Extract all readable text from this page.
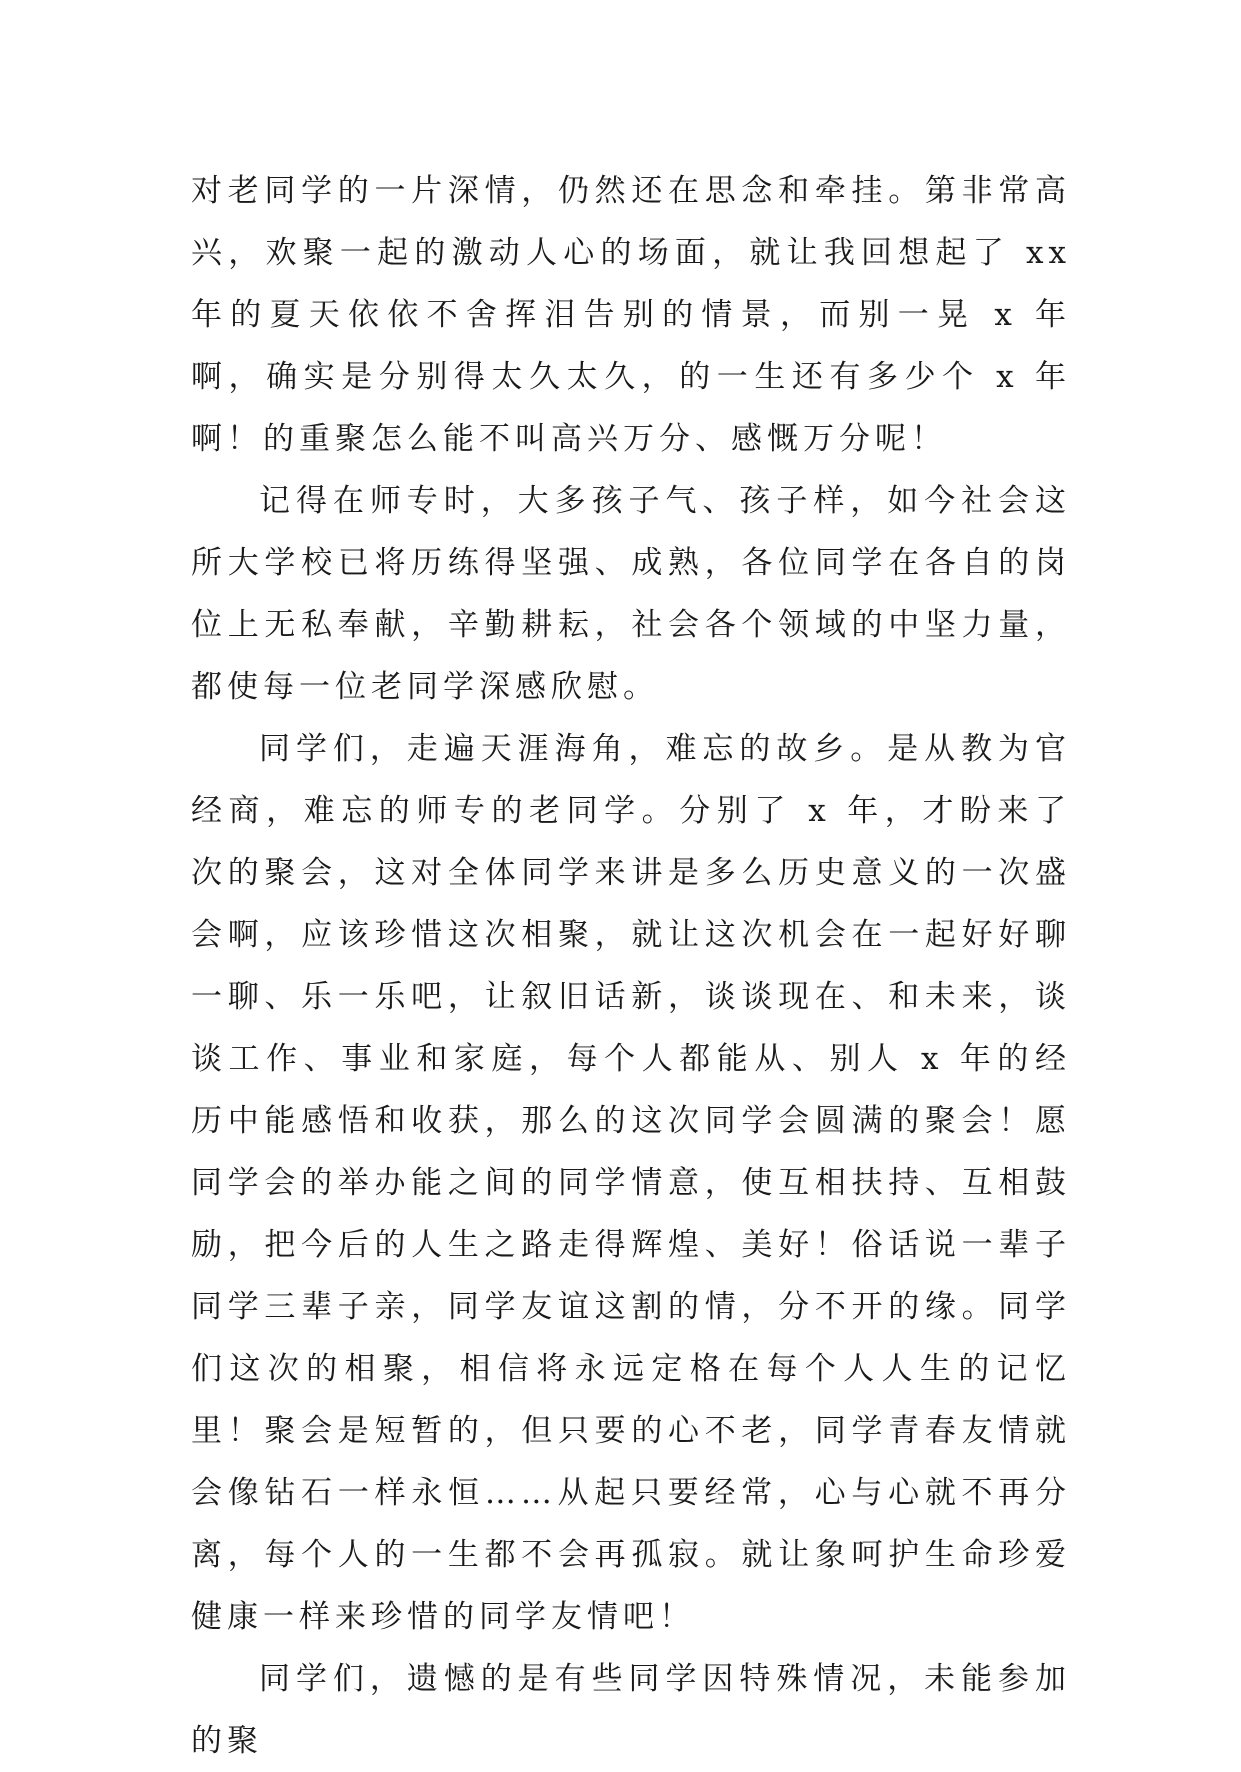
对老同学的一片深情，仍然还在思念和牵挂。第非常高兴，欢聚一起的激动人心的场面，就让我回想起了 xx 年的夏天依依不舍挥泪告别的情景，而别一晃 x 年啊，确实是分别得太久太久，的一生还有多少个 x 年啊！的重聚怎么能不叫高兴万分、感慨万分呢！

记得在师专时，大多孩子气、孩子样，如今社会这所大学校已将历练得坚强、成熟，各位同学在各自的岗位上无私奉献，辛勤耕耘，社会各个领域的中坚力量，都使每一位老同学深感欣慰。

同学们，走遍天涯海角，难忘的故乡。是从教为官经商，难忘的师专的老同学。分别了 x 年，才盼来了次的聚会，这对全体同学来讲是多么历史意义的一次盛会啊，应该珍惜这次相聚，就让这次机会在一起好好聊一聊、乐一乐吧，让叙旧话新，谈谈现在、和未来，谈谈工作、事业和家庭，每个人都能从、别人 x 年的经历中能感悟和收获，那么的这次同学会圆满的聚会！愿同学会的举办能之间的同学情意，使互相扶持、互相鼓励，把今后的人生之路走得辉煌、美好！俗话说一辈子同学三辈子亲，同学友谊这割的情，分不开的缘。同学们这次的相聚，相信将永远定格在每个人人生的记忆里！聚会是短暂的，但只要的心不老，同学青春友情就会像钻石一样永恒……从起只要经常，心与心就不再分离，每个人的一生都不会再孤寂。就让象呵护生命珍爱健康一样来珍惜的同学友情吧！

同学们，遗憾的是有些同学因特殊情况，未能参加的聚
